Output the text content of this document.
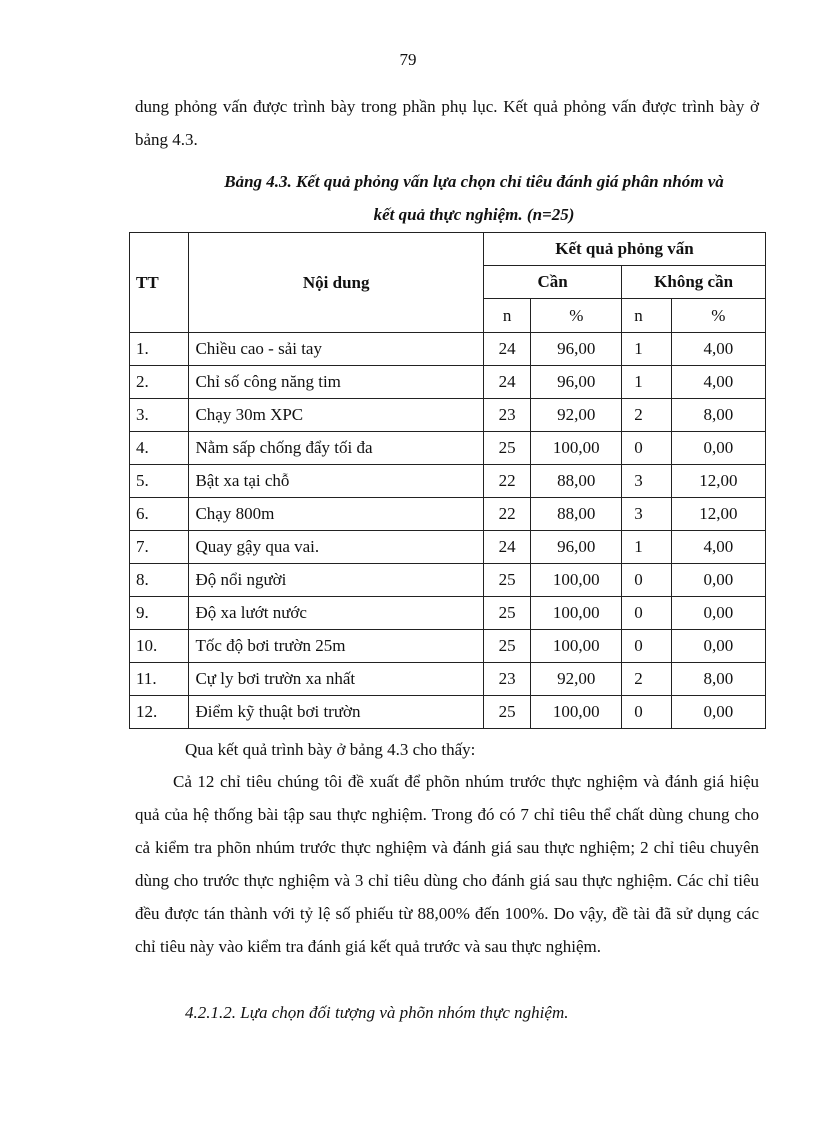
79
dung phỏng vấn được trình bày trong phần phụ lục. Kết quả phỏng vấn được trình bày ở bảng 4.3.
Bảng 4.3. Kết quả phỏng vấn lựa chọn chỉ tiêu đánh giá phân nhóm và
kết quả thực nghiệm. (n=25)
TT	Nội dung	Kết quả phỏng vấn			
		Cần		Không cần	
		n	%	n	%
1.	Chiều cao - sải tay	24	96,00	1	4,00
2.	Chỉ số công năng tim	24	96,00	1	4,00
3.	Chạy 30m XPC	23	92,00	2	8,00
4.	Nằm sấp chống đẩy tối đa	25	100,00	0	0,00
5.	Bật xa tại chỗ	22	88,00	3	12,00
6.	Chạy 800m	22	88,00	3	12,00
7.	Quay gậy qua vai.	24	96,00	1	4,00
8.	Độ nổi người	25	100,00	0	0,00
9.	Độ xa lướt nước	25	100,00	0	0,00
10.	Tốc độ bơi trườn 25m	25	100,00	0	0,00
11.	Cự ly bơi trườn xa nhất	23	92,00	2	8,00
12.	Điểm kỹ thuật bơi trườn	25	100,00	0	0,00
Qua kết quả trình bày ở bảng 4.3 cho thấy:
Cả 12 chỉ tiêu chúng tôi đề xuất để phõn nhúm trước thực nghiệm và đánh giá hiệu quả của hệ thống bài tập sau thực nghiệm. Trong đó có 7 chỉ tiêu thể chất dùng chung cho cả kiểm tra phõn nhúm trước thực nghiệm và đánh giá sau thực nghiệm; 2 chỉ tiêu chuyên dùng cho trước thực nghiệm và 3 chỉ tiêu dùng cho đánh giá sau thực nghiệm. Các chỉ tiêu đều được tán thành với tỷ lệ số phiếu từ 88,00% đến 100%. Do vậy, đề tài đã sử dụng các chỉ tiêu này vào kiểm tra đánh giá kết quả trước và sau thực nghiệm.
4.2.1.2. Lựa chọn đối tượng và phõn nhóm thực nghiệm.
